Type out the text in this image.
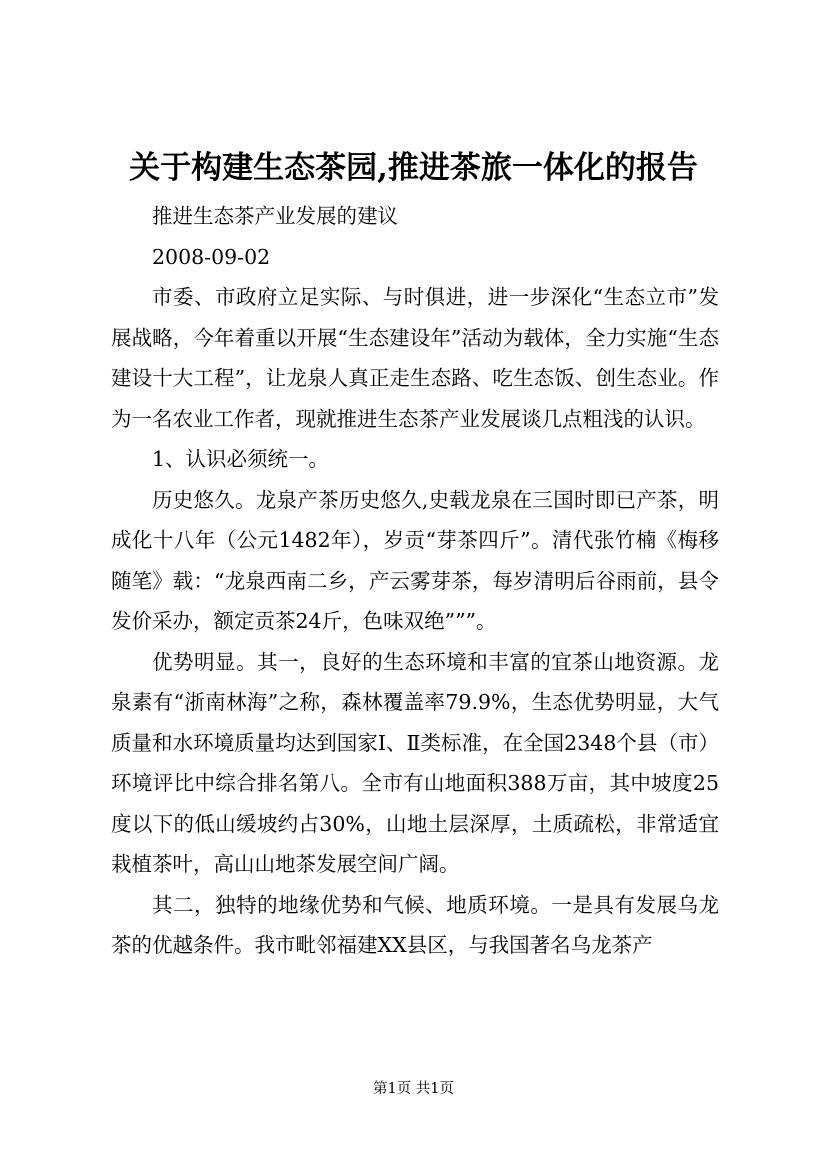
关于构建生态茶园,推进茶旅一体化的报告

推进生态茶产业发展的建议

2008-09-02

市委、市政府立足实际、与时俱进，进一步深化“生态立市”发展战略，今年着重以开展“生态建设年”活动为载体，全力实施“生态建设十大工程”，让龙泉人真正走生态路、吃生态饭、创生态业。作为一名农业工作者，现就推进生态茶产业发展谈几点粗浅的认识。

1、认识必须统一。

历史悠久。龙泉产茶历史悠久,史载龙泉在三国时即已产茶，明成化十八年（公元1482年），岁贡“芽茶四斤”。清代张竹楠《梅移随笔》载：“龙泉西南二乡，产云雾芽茶，每岁清明后谷雨前，县令发价采办，额定贡茶24斤，色味双绝”””。

优势明显。其一，良好的生态环境和丰富的宜茶山地资源。龙泉素有“浙南林海”之称，森林覆盖率79.9%，生态优势明显，大气质量和水环境质量均达到国家Ⅰ、Ⅱ类标准，在全国2348个县（市）环境评比中综合排名第八。全市有山地面积388万亩，其中坡度25度以下的低山缓坡约占30%，山地土层深厚，土质疏松，非常适宜栽植茶叶，高山山地茶发展空间广阔。

其二，独特的地缘优势和气候、地质环境。一是具有发展乌龙茶的优越条件。我市毗邻福建XX县区，与我国著名乌龙茶产

第1页 共1页
